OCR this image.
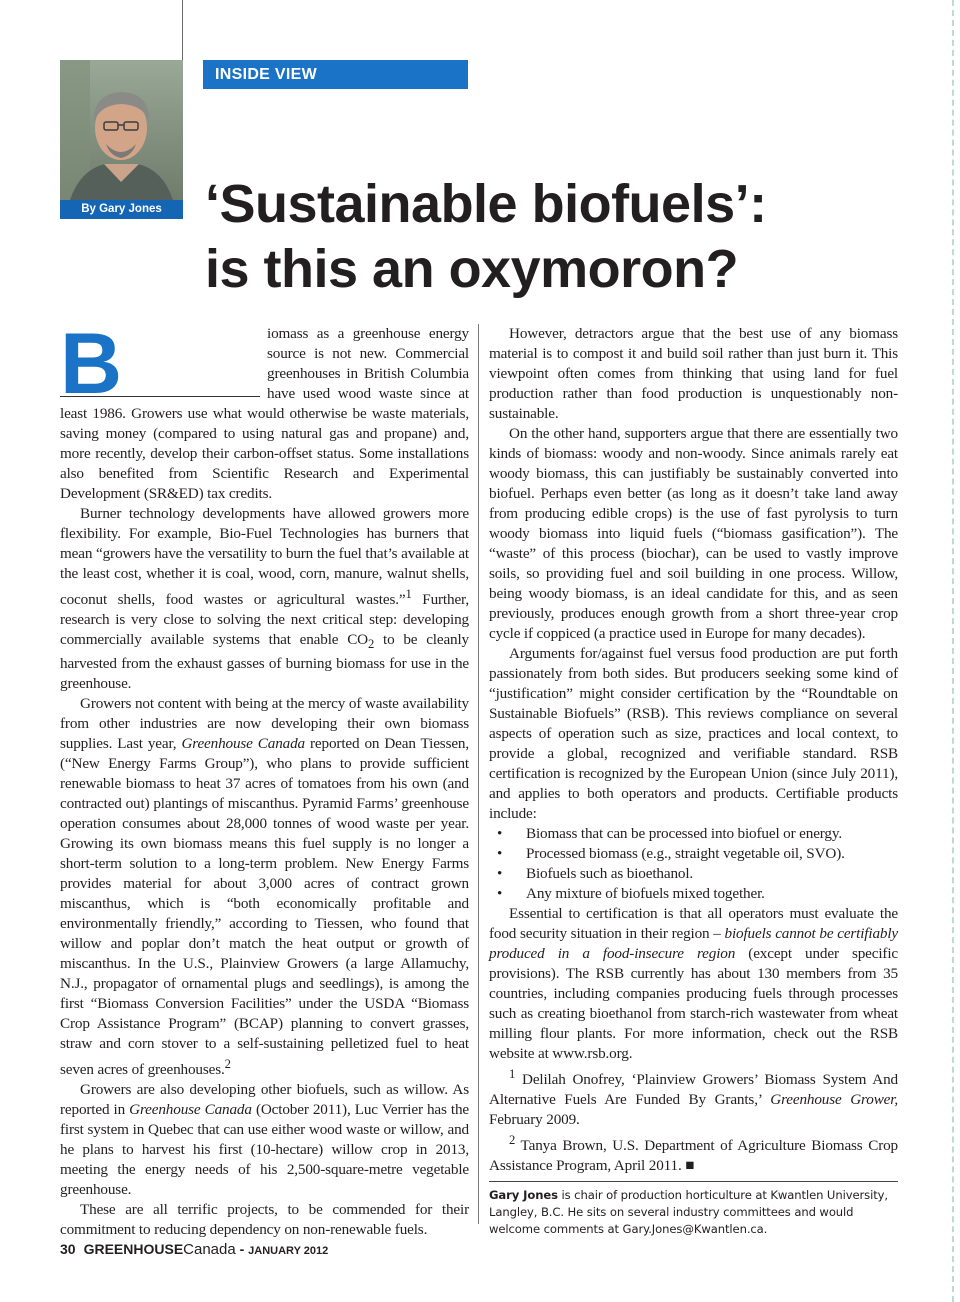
By Gary Jones
INSIDE VIEW
‘Sustainable biofuels’:
is this an oxymoron?

B	iomass as a greenhouse energy source is not new. Commercial greenhouses in British Columbia have used wood waste since at least 1986. Growers use what would otherwise be waste materials, saving money (compared to using natural gas and propane) and, more recently, develop their carbon-offset status. Some installations also benefited from Scientific Research and Experimental Development (SR&ED) tax credits.

Burner technology developments have allowed growers more flexibility. For example, Bio-Fuel Technologies has burners that mean “growers have the versatility to burn the fuel that’s available at the least cost, whether it is coal, wood, corn, manure, walnut shells, coconut shells, food wastes or agricultural wastes.”$^1$ Further, research is very close to solving the next critical step: developing commercially available systems that enable $CO_2$ to be cleanly harvested from the exhaust gasses of burning biomass for use in the greenhouse.

Growers not content with being at the mercy of waste availability from other industries are now developing their own biomass supplies. Last year, Greenhouse Canada reported on Dean Tiessen, (“New Energy Farms Group”), who plans to provide sufficient renewable biomass to heat 37 acres of tomatoes from his own (and contracted out) plantings of miscanthus. Pyramid Farms’ greenhouse operation consumes about 28,000 tonnes of wood waste per year. Growing its own biomass means this fuel supply is no longer a short-term solution to a long-term problem. New Energy Farms provides material for about 3,000 acres of contract grown miscanthus, which is “both economically profitable and environmentally friendly,” according to Tiessen, who found that willow and poplar don’t match the heat output or growth of miscanthus. In the U.S., Plainview Growers (a large Allamuchy, N.J., propagator of ornamental plugs and seedlings), is among the first “Biomass Conversion Facilities” under the USDA “Biomass Crop Assistance Program” (BCAP) planning to convert grasses, straw and corn stover to a self-sustaining pelletized fuel to heat seven acres of greenhouses.$^2$

Growers are also developing other biofuels, such as willow. As reported in Greenhouse Canada (October 2011), Luc Verrier has the first system in Quebec that can use either wood waste or willow, and he plans to harvest his first (10-hectare) willow crop in 2013, meeting the energy needs of his 2,500-square-metre vegetable greenhouse.

These are all terrific projects, to be commended for their commitment to reducing dependency on non-renewable fuels.

However, detractors argue that the best use of any biomass material is to compost it and build soil rather than just burn it. This viewpoint often comes from thinking that using land for fuel production rather than food production is unquestionably non-sustainable.

On the other hand, supporters argue that there are essentially two kinds of biomass: woody and non-woody. Since animals rarely eat woody biomass, this can justifiably be sustainably converted into biofuel. Perhaps even better (as long as it doesn’t take land away from producing edible crops) is the use of fast pyrolysis to turn woody biomass into liquid fuels (“biomass gasification”). The “waste” of this process (biochar), can be used to vastly improve soils, so providing fuel and soil building in one process. Willow, being woody biomass, is an ideal candidate for this, and as seen previously, produces enough growth from a short three-year crop cycle if coppiced (a practice used in Europe for many decades).

Arguments for/against fuel versus food production are put forth passionately from both sides. But producers seeking some kind of “justification” might consider certification by the “Roundtable on Sustainable Biofuels” (RSB). This reviews compliance on several aspects of operation such as size, practices and local context, to provide a global, recognized and verifiable standard. RSB certification is recognized by the European Union (since July 2011), and applies to both operators and products. Certifiable products include:

• Biomass that can be processed into biofuel or energy.
• Processed biomass (e.g., straight vegetable oil, SVO).
• Biofuels such as bioethanol.
• Any mixture of biofuels mixed together.

Essential to certification is that all operators must evaluate the food security situation in their region – biofuels cannot be certifiably produced in a food-insecure region (except under specific provisions). The RSB currently has about 130 members from 35 countries, including companies producing fuels through processes such as creating bioethanol from starch-rich wastewater from wheat milling flour plants. For more information, check out the RSB website at www.rsb.org.

$^1$ Delilah Onofrey, ‘Plainview Growers’ Biomass System And Alternative Fuels Are Funded By Grants,’ Greenhouse Grower, February 2009.

$^2$ Tanya Brown, U.S. Department of Agriculture Biomass Crop Assistance Program, April 2011. ■

Gary Jones is chair of production horticulture at Kwantlen University, Langley, B.C. He sits on several industry committees and would welcome comments at Gary.Jones@Kwantlen.ca.
30 GREENHOUSECanada - JANUARY 2012
